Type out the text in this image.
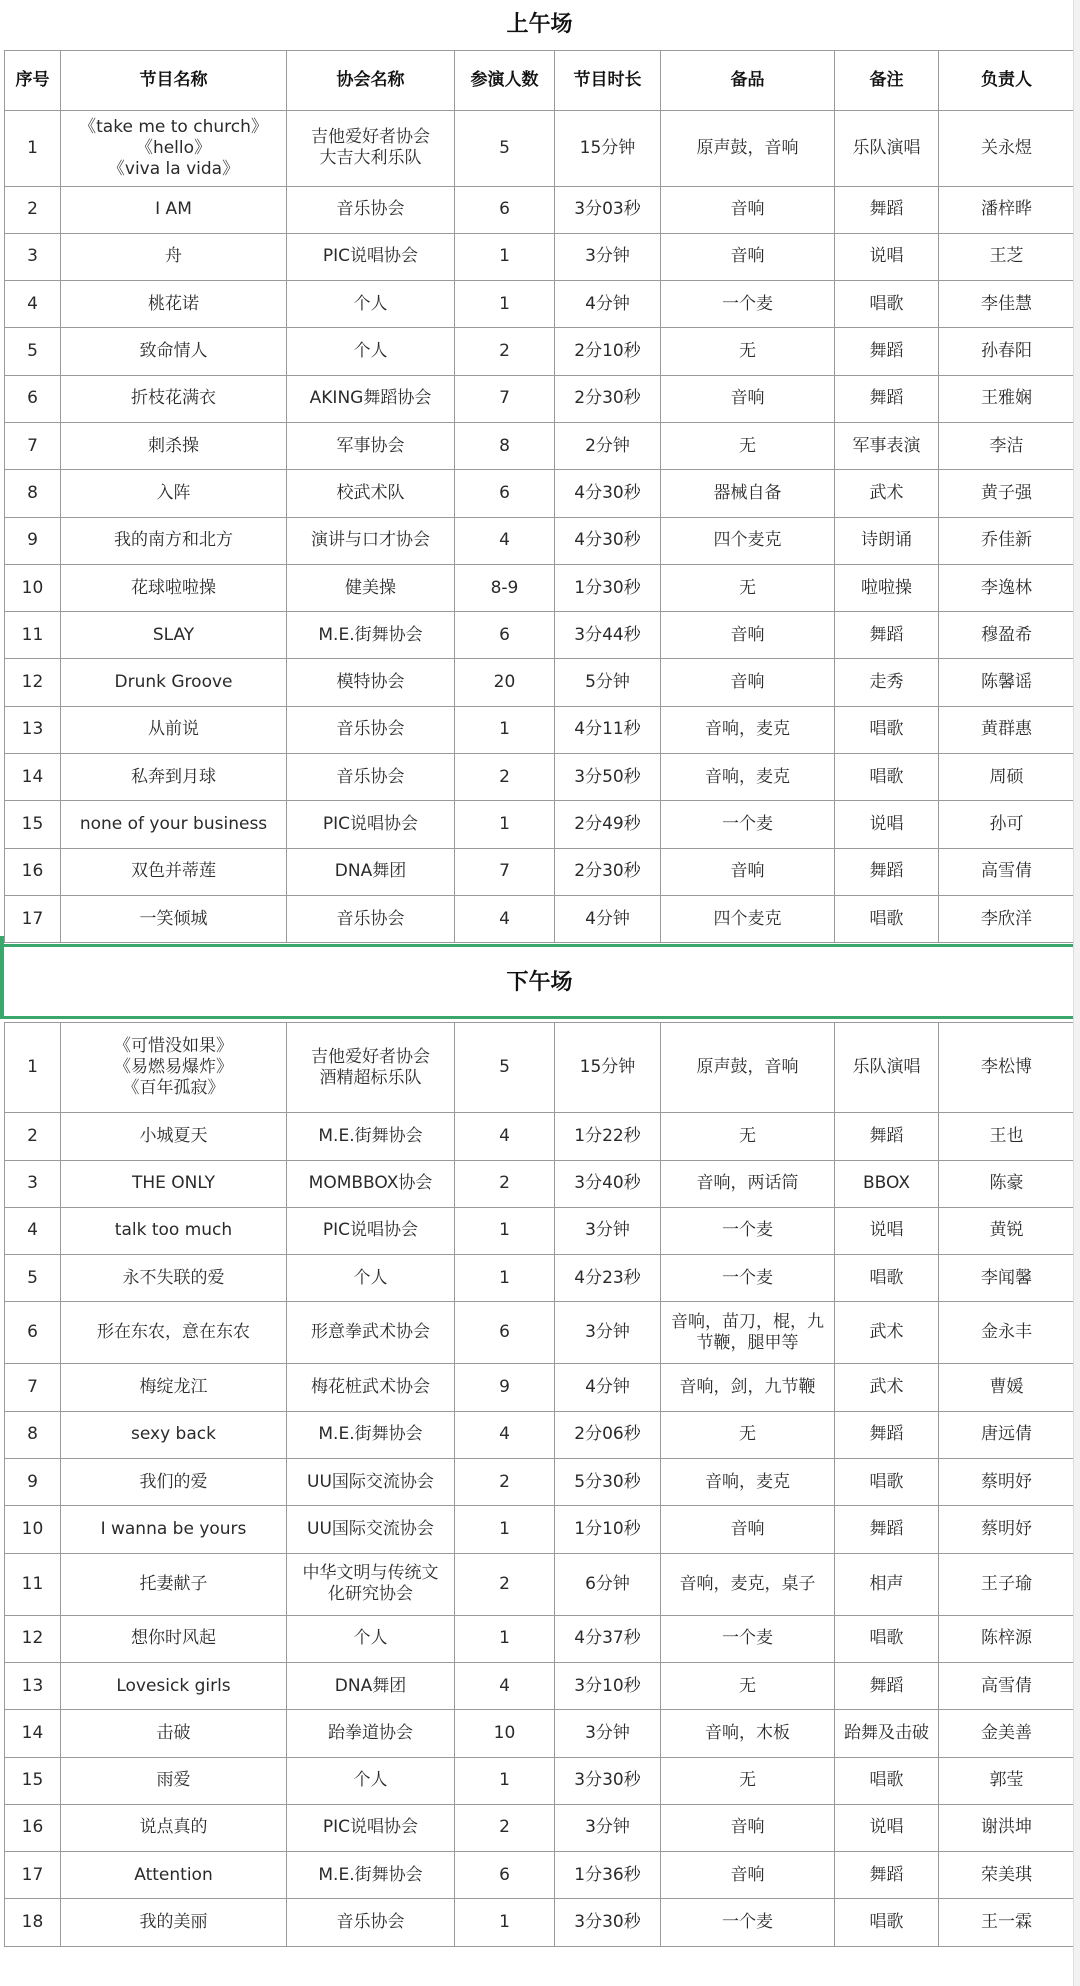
上午场							
序号	节目名称	协会名称	参演人数	节目时长	备品	备注	负责人
1	《take me to church》
《hello》
《viva la vida》	吉他爱好者协会
大吉大利乐队	5	15分钟	原声鼓，音响	乐队演唱	关永煜
2	I AM	音乐协会	6	3分03秒	音响	舞蹈	潘梓晔
3	舟	PIC说唱协会	1	3分钟	音响	说唱	王芝
4	桃花诺	个人	1	4分钟	一个麦	唱歌	李佳慧
5	致命情人	个人	2	2分10秒	无	舞蹈	孙春阳
6	折枝花满衣	AKING舞蹈协会	7	2分30秒	音响	舞蹈	王雅娴
7	刺杀操	军事协会	8	2分钟	无	军事表演	李洁
8	入阵	校武术队	6	4分30秒	器械自备	武术	黄子强
9	我的南方和北方	演讲与口才协会	4	4分30秒	四个麦克	诗朗诵	乔佳新
10	花球啦啦操	健美操	8-9	1分30秒	无	啦啦操	李逸林
11	SLAY	M.E.街舞协会	6	3分44秒	音响	舞蹈	穆盈希
12	Drunk Groove	模特协会	20	5分钟	音响	走秀	陈馨谣
13	从前说	音乐协会	1	4分11秒	音响，麦克	唱歌	黄群惠
14	私奔到月球	音乐协会	2	3分50秒	音响，麦克	唱歌	周硕
15	none of your business	PIC说唱协会	1	2分49秒	一个麦	说唱	孙可
16	双色并蒂莲	DNA舞团	7	2分30秒	音响	舞蹈	高雪倩
17	一笑倾城	音乐协会	4	4分钟	四个麦克	唱歌	李欣洋
下午场							
1	《可惜没如果》
《易燃易爆炸》
《百年孤寂》	吉他爱好者协会
酒精超标乐队	5	15分钟	原声鼓，音响	乐队演唱	李松博
2	小城夏天	M.E.街舞协会	4	1分22秒	无	舞蹈	王也
3	THE ONLY	MOMBBOX协会	2	3分40秒	音响，两话筒	BBOX	陈豪
4	talk too much	PIC说唱协会	1	3分钟	一个麦	说唱	黄锐
5	永不失联的爱	个人	1	4分23秒	一个麦	唱歌	李闻馨
6	形在东农，意在东农	形意拳武术协会	6	3分钟	音响，苗刀，棍，九
节鞭，腿甲等	武术	金永丰
7	梅绽龙江	梅花桩武术协会	9	4分钟	音响，剑，九节鞭	武术	曹媛
8	sexy back	M.E.街舞协会	4	2分06秒	无	舞蹈	唐远倩
9	我们的爱	UU国际交流协会	2	5分30秒	音响，麦克	唱歌	蔡明妤
10	I wanna be yours	UU国际交流协会	1	1分10秒	音响	舞蹈	蔡明妤
11	托妻献子	中华文明与传统文
化研究协会	2	6分钟	音响，麦克，桌子	相声	王子瑜
12	想你时风起	个人	1	4分37秒	一个麦	唱歌	陈梓源
13	Lovesick girls	DNA舞团	4	3分10秒	无	舞蹈	高雪倩
14	击破	跆拳道协会	10	3分钟	音响，木板	跆舞及击破	金美善
15	雨爱	个人	1	3分30秒	无	唱歌	郭莹
16	说点真的	PIC说唱协会	2	3分钟	音响	说唱	谢洪坤
17	Attention	M.E.街舞协会	6	1分36秒	音响	舞蹈	荣美琪
18	我的美丽	音乐协会	1	3分30秒	一个麦	唱歌	王一霖
